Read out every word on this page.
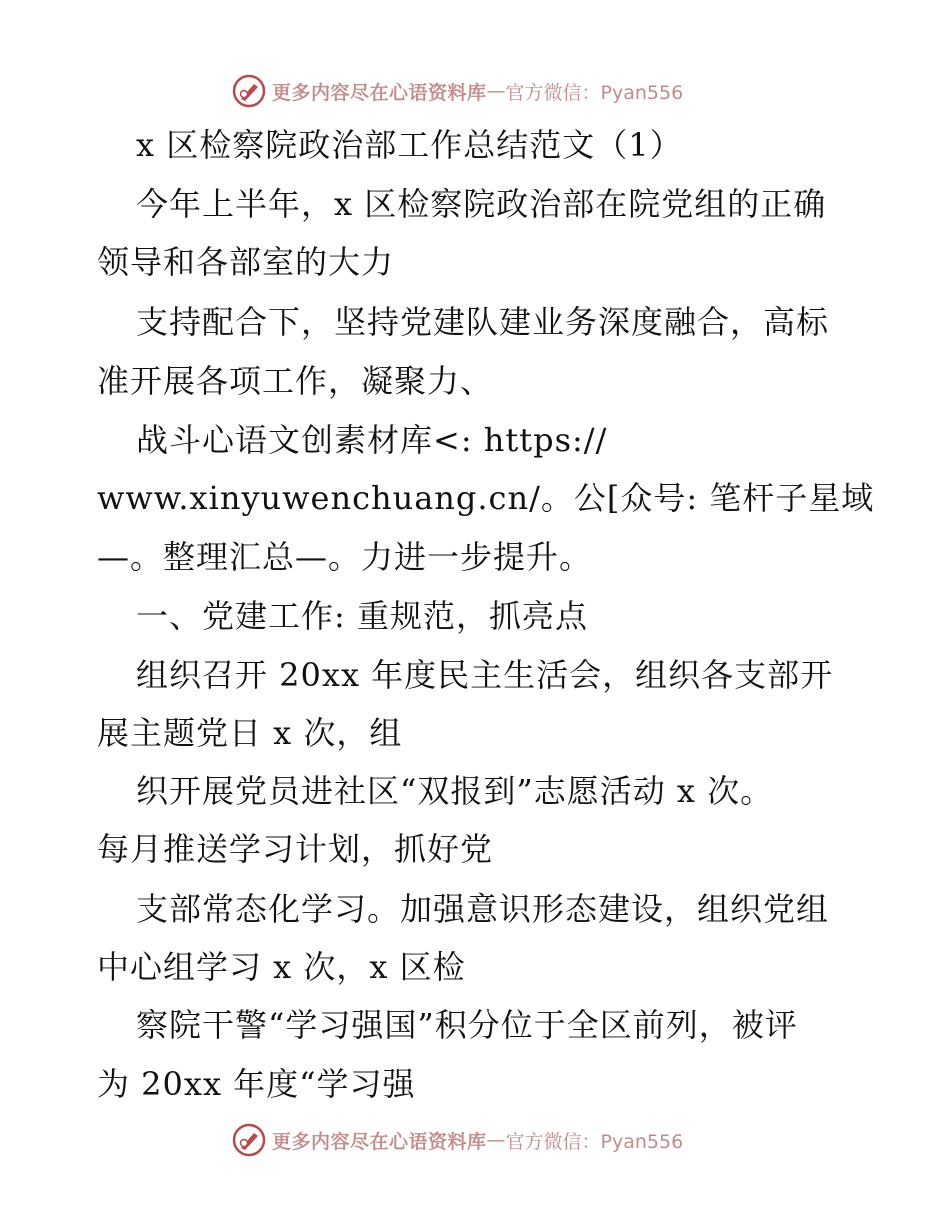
更多内容尽在心语资料库 — 官方微信：Pyan556
x 区检察院政治部工作总结范文（1）
今年上半年，x 区检察院政治部在院党组的正确
领导和各部室的大力
支持配合下，坚持党建队建业务深度融合，高标
准开展各项工作，凝聚力、
战斗心语文创素材库<: https://
www.xinyuwenchuang.cn/。公[众号: 笔杆子星域
—。整理汇总—。力进一步提升。
一、党建工作: 重规范，抓亮点
组织召开 20xx 年度民主生活会，组织各支部开
展主题党日 x 次，组
织开展党员进社区“双报到”志愿活动 x 次。
每月推送学习计划，抓好党
支部常态化学习。加强意识形态建设，组织党组
中心组学习 x 次，x 区检
察院干警“学习强国”积分位于全区前列，被评
为 20xx 年度“学习强
更多内容尽在心语资料库 — 官方微信：Pyan556
